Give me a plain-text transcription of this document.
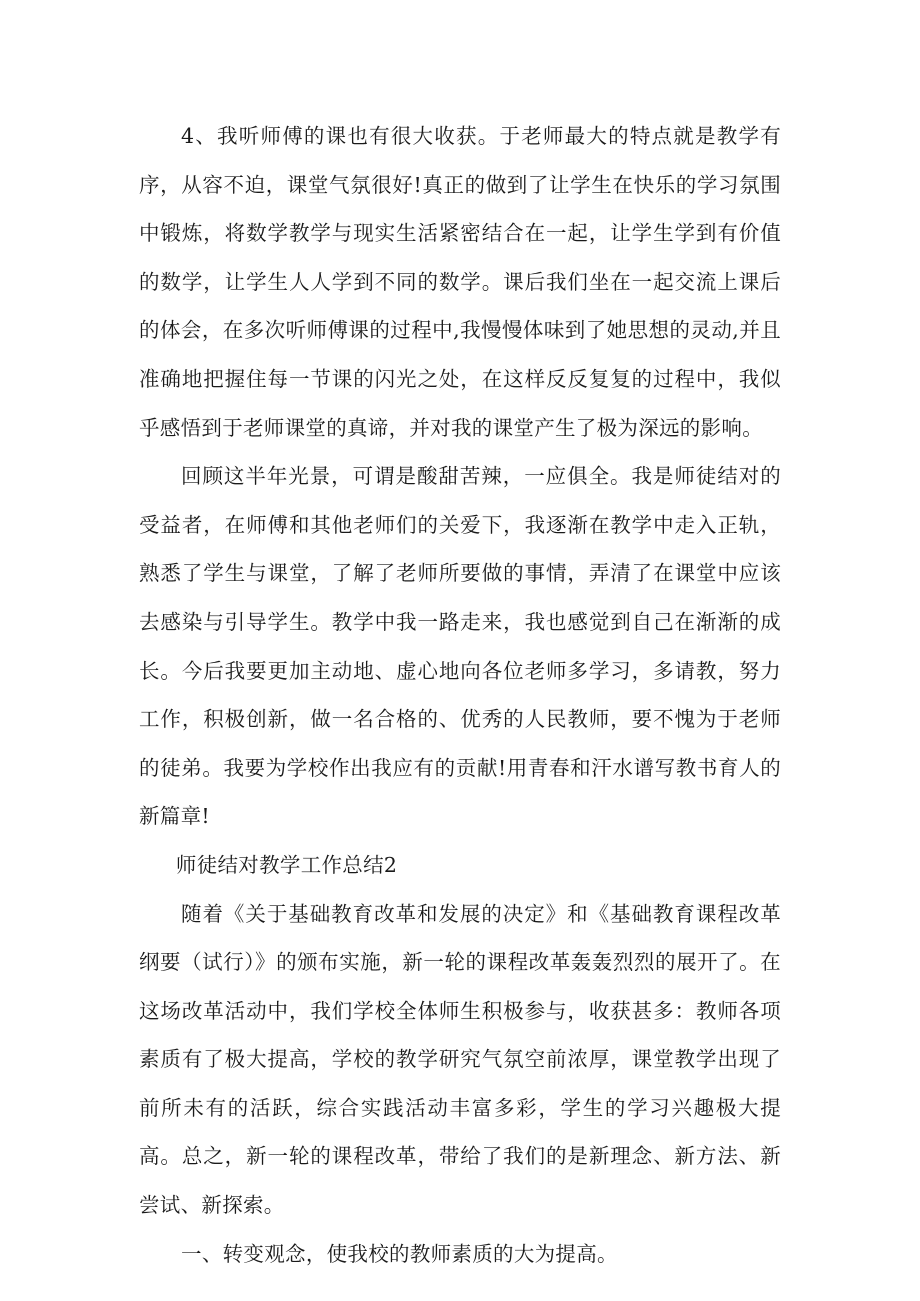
4、我听师傅的课也有很大收获。于老师最大的特点就是教学有序，从容不迫，课堂气氛很好!真正的做到了让学生在快乐的学习氛围中锻炼，将数学教学与现实生活紧密结合在一起，让学生学到有价值的数学，让学生人人学到不同的数学。课后我们坐在一起交流上课后的体会，在多次听师傅课的过程中,我慢慢体味到了她思想的灵动,并且准确地把握住每一节课的闪光之处，在这样反反复复的过程中，我似乎感悟到于老师课堂的真谛，并对我的课堂产生了极为深远的影响。

回顾这半年光景，可谓是酸甜苦辣，一应俱全。我是师徒结对的受益者，在师傅和其他老师们的关爱下，我逐渐在教学中走入正轨，熟悉了学生与课堂，了解了老师所要做的事情，弄清了在课堂中应该去感染与引导学生。教学中我一路走来，我也感觉到自己在渐渐的成长。今后我要更加主动地、虚心地向各位老师多学习，多请教，努力工作，积极创新，做一名合格的、优秀的人民教师，要不愧为于老师的徒弟。我要为学校作出我应有的贡献!用青春和汗水谱写教书育人的新篇章!

师徒结对教学工作总结2

随着《关于基础教育改革和发展的决定》和《基础教育课程改革纲要（试行）》的颁布实施，新一轮的课程改革轰轰烈烈的展开了。在这场改革活动中，我们学校全体师生积极参与，收获甚多：教师各项素质有了极大提高，学校的教学研究气氛空前浓厚，课堂教学出现了前所未有的活跃，综合实践活动丰富多彩，学生的学习兴趣极大提高。总之，新一轮的课程改革，带给了我们的是新理念、新方法、新尝试、新探索。

一、转变观念，使我校的教师素质的大为提高。
